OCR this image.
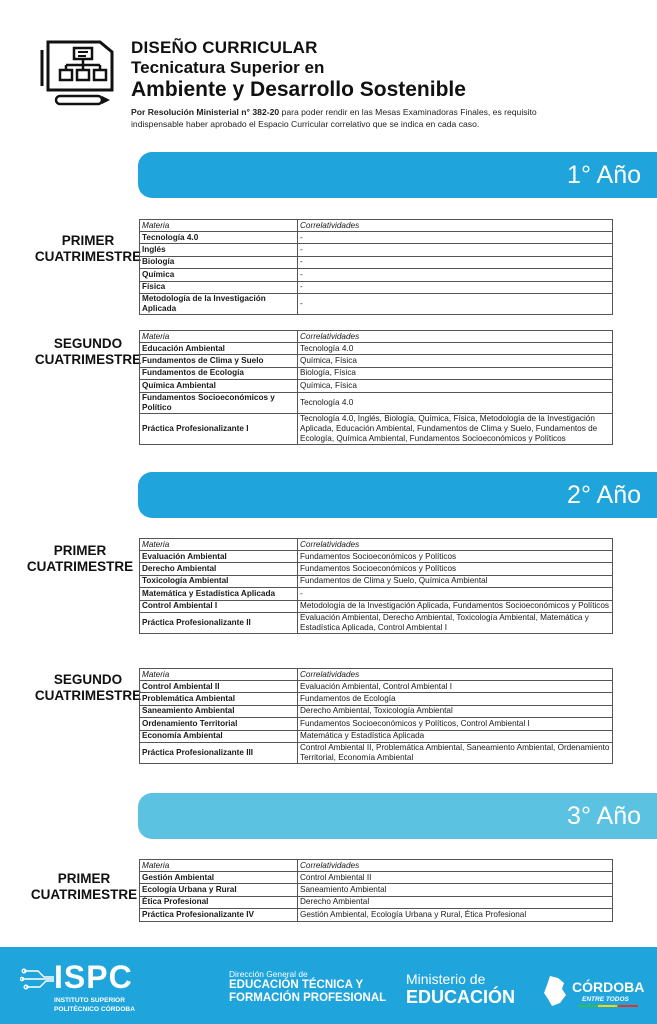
DISEÑO CURRICULAR
Tecnicatura Superior en
Ambiente y Desarrollo Sostenible
Por Resolución Ministerial n° 382-20 para poder rendir en las Mesas Examinadoras Finales, es requisito indispensable haber aprobado el Espacio Curricular correlativo que se indica en cada caso.
1° Año
PRIMER
CUATRIMESTRE
Materia	Correlatividades
Tecnología 4.0	-
Inglés	-
Biología	-
Química	-
Física	-
Metodología de la Investigación Aplicada	-
SEGUNDO
CUATRIMESTRE
Materia	Correlatividades
Educación Ambiental	Tecnología 4.0
Fundamentos de Clima y Suelo	Química, Física
Fundamentos de Ecología	Biología, Física
Química Ambiental	Química, Física
Fundamentos Socioeconómicos y Político	Tecnología 4.0
Práctica Profesionalizante I	Tecnología 4.0, Inglés, Biología, Química, Física, Metodología de la Investigación Aplicada, Educación Ambiental, Fundamentos de Clima y Suelo, Fundamentos de Ecología, Química Ambiental, Fundamentos Socioeconómicos y Políticos
2° Año
PRIMER
CUATRIMESTRE
Materia	Correlatividades
Evaluación Ambiental	Fundamentos Socioeconómicos y Políticos
Derecho Ambiental	Fundamentos Socioeconómicos y Políticos
Toxicología Ambiental	Fundamentos de Clima y Suelo, Química Ambiental
Matemática y Estadística Aplicada	-
Control Ambiental I	Metodología de la Investigación Aplicada, Fundamentos Socioeconómicos y Políticos
Práctica Profesionalizante II	Evaluación Ambiental, Derecho Ambiental, Toxicología Ambiental, Matemática y Estadística Aplicada, Control Ambiental I
SEGUNDO
CUATRIMESTRE
Materia	Correlatividades
Control Ambiental II	Evaluación Ambiental, Control Ambiental I
Problemática Ambiental	Fundamentos de Ecología
Saneamiento Ambiental	Derecho Ambiental, Toxicología Ambiental
Ordenamiento Territorial	Fundamentos Socioeconómicos y Políticos, Control Ambiental I
Economía Ambiental	Matemática y Estadística Aplicada
Práctica Profesionalizante III	Control Ambiental II, Problemática Ambiental, Saneamiento Ambiental, Ordenamiento Territorial, Economía Ambiental
3° Año
PRIMER
CUATRIMESTRE
Materia	Correlatividades
Gestión Ambiental	Control Ambiental II
Ecología Urbana y Rural	Saneamiento Ambiental
Ética Profesional	Derecho Ambiental
Práctica Profesionalizante IV	Gestión Ambiental, Ecología Urbana y Rural, Ética Profesional
ISPC
INSTITUTO SUPERIOR
POLITÉCNICO CÓRDOBA
Dirección General de
EDUCACIÓN TÉCNICA Y
FORMACIÓN PROFESIONAL
Ministerio de
EDUCACIÓN	CÓRDOBA
ENTRE TODOS
